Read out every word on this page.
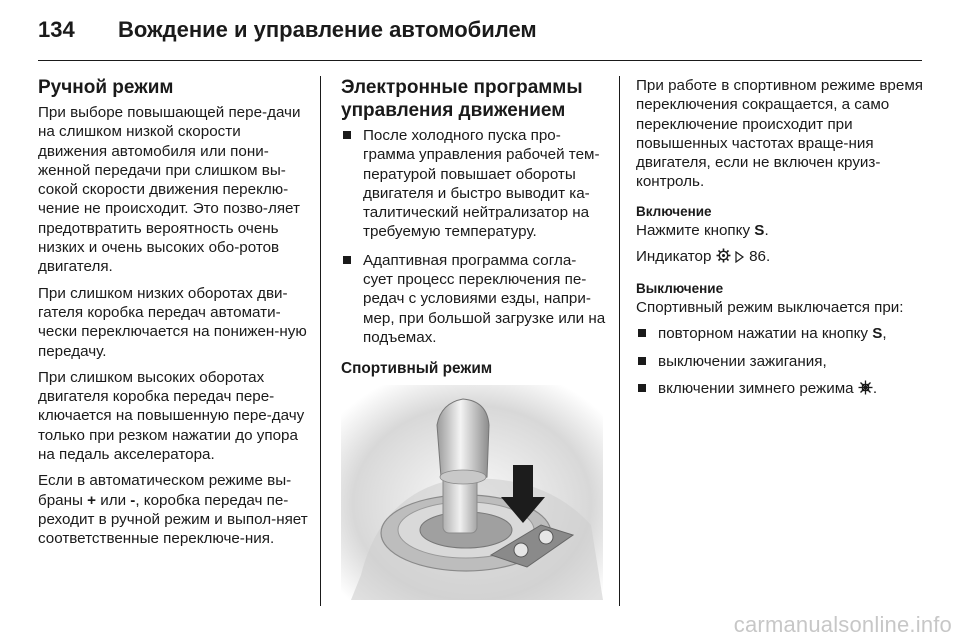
134	Вождение и управление автомобилем
Ручной режим

При выборе повышающей пере-дачи на слишком низкой скорости движения автомобиля или пони-женной передачи при слишком вы-сокой скорости движения переклю-чение не происходит. Это позво-ляет предотвратить вероятность очень низких и очень высоких обо-ротов двигателя.

При слишком низких оборотах дви-гателя коробка передач автомати-чески переключается на понижен-ную передачу.

При слишком высоких оборотах двигателя коробка передач пере-ключается на повышенную пере-дачу только при резком нажатии до упора на педаль акселератора.

Если в автоматическом режиме вы-браны + или -, коробка передач пе-реходит в ручной режим и выпол-няет соответственные переключе-ния.

Электронные программы управления движением
После холодного пуска про-грамма управления рабочей тем-пературой повышает обороты двигателя и быстро выводит ка-талитический нейтрализатор на требуемую температуру.
Адаптивная программа согла-сует процесс переключения пе-редач с условиями езды, напри-мер, при большой загрузке или на подъемах.
Спортивный режим

При работе в спортивном режиме время переключения сокращается, а само переключение происходит при повышенных частотах враще-ния двигателя, если не включен круиз-контроль.

Включение

Нажмите кнопку S.

Индикатор   86.

Выключение

Спортивный режим выключается при:

повторном нажатии на кнопку S,
выключении зажигания,
включении зимнего режима .
carmanualsonline.info
